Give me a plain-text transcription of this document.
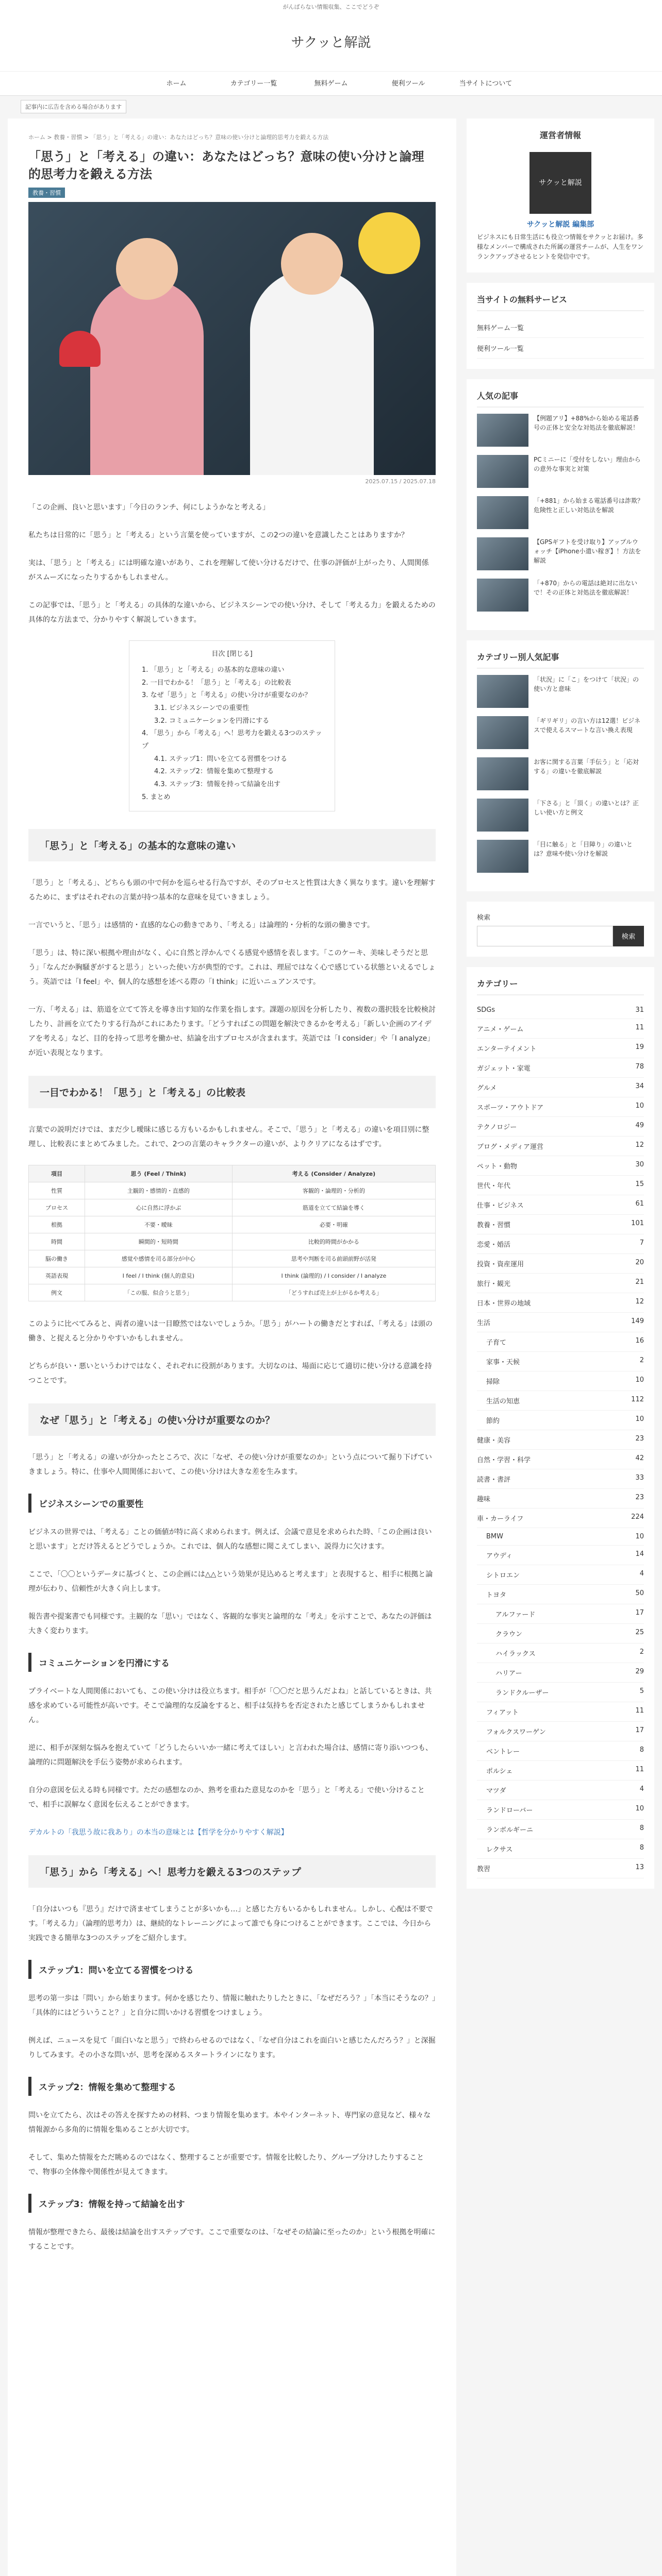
がんばらない情報収集、ここでどうぞ
サクッと解説
ホーム	カテゴリー一覧	無料ゲーム	便利ツール	当サイトについて
記事内に広告を含める場合があります
ホーム > 教養・習慣 > 「思う」と「考える」の違い：あなたはどっち？意味の使い分けと論理的思考力を鍛える方法
「思う」と「考える」の違い：あなたはどっち？意味の使い分けと論理的思考力を鍛える方法
教養・習慣
2025.07.15 / 2025.07.18

「この企画、良いと思います」「今日のランチ、何にしようかなと考える」

私たちは日常的に「思う」と「考える」という言葉を使っていますが、この2つの違いを意識したことはありますか？

実は、「思う」と「考える」には明確な違いがあり、これを理解して使い分けるだけで、仕事の評価が上がったり、人間関係がスムーズになったりするかもしれません。

この記事では、「思う」と「考える」の具体的な違いから、ビジネスシーンでの使い分け、そして「考える力」を鍛えるための具体的な方法まで、分かりやすく解説していきます。

目次 [閉じる]
1. 「思う」と「考える」の基本的な意味の違い
2. 一目でわかる！「思う」と「考える」の比較表
3. なぜ「思う」と「考える」の使い分けが重要なのか？
3.1. ビジネスシーンでの重要性
3.2. コミュニケーションを円滑にする
4. 「思う」から「考える」へ！思考力を鍛える3つのステップ
4.1. ステップ1：問いを立てる習慣をつける
4.2. ステップ2：情報を集めて整理する
4.3. ステップ3：情報を持って結論を出す
5. まとめ
「思う」と「考える」の基本的な意味の違い

「思う」と「考える」、どちらも頭の中で何かを巡らせる行為ですが、そのプロセスと性質は大きく異なります。違いを理解するために、まずはそれぞれの言葉が持つ基本的な意味を見ていきましょう。

一言でいうと、「思う」は感情的・直感的な心の動きであり、「考える」は論理的・分析的な頭の働きです。

「思う」は、特に深い根拠や理由がなく、心に自然と浮かんでくる感覚や感情を表します。「このケーキ、美味しそうだと思う」「なんだか胸騒ぎがすると思う」といった使い方が典型的です。これは、理屈ではなく心で感じている状態といえるでしょう。英語では「I feel」や、個人的な感想を述べる際の「I think」に近いニュアンスです。

一方、「考える」は、筋道を立てて答えを導き出す知的な作業を指します。課題の原因を分析したり、複数の選択肢を比較検討したり、計画を立てたりする行為がこれにあたります。「どうすればこの問題を解決できるかを考える」「新しい企画のアイデアを考える」など、目的を持って思考を働かせ、結論を出すプロセスが含まれます。英語では「I consider」や「I analyze」が近い表現となります。

一目でわかる！「思う」と「考える」の比較表

言葉での説明だけでは、まだ少し曖昧に感じる方もいるかもしれません。そこで、「思う」と「考える」の違いを項目別に整理し、比較表にまとめてみました。これで、2つの言葉のキャラクターの違いが、よりクリアになるはずです。

項目	思う (Feel / Think)	考える (Consider / Analyze)
性質	主観的・感情的・直感的	客観的・論理的・分析的
プロセス	心に自然に浮かぶ	筋道を立てて結論を導く
根拠	不要・曖昧	必要・明確
時間	瞬間的・短時間	比較的時間がかかる
脳の働き	感覚や感情を司る部分が中心	思考や判断を司る前頭前野が活発
英語表現	I feel / I think (個人的意見)	I think (論理的) / I consider / I analyze
例文	「この服、似合うと思う」	「どうすれば売上が上がるか考える」

このように比べてみると、両者の違いは一目瞭然ではないでしょうか。「思う」がハートの働きだとすれば、「考える」は頭の働き、と捉えると分かりやすいかもしれません。

どちらが良い・悪いというわけではなく、それぞれに役割があります。大切なのは、場面に応じて適切に使い分ける意識を持つことです。

なぜ「思う」と「考える」の使い分けが重要なのか？

「思う」と「考える」の違いが分かったところで、次に「なぜ、その使い分けが重要なのか」という点について掘り下げていきましょう。特に、仕事や人間関係において、この使い分けは大きな差を生みます。

ビジネスシーンでの重要性

ビジネスの世界では、「考える」ことの価値が特に高く求められます。例えば、会議で意見を求められた時、「この企画は良いと思います」とだけ答えるとどうでしょうか。これでは、個人的な感想に聞こえてしまい、説得力に欠けます。

ここで、「〇〇というデータに基づくと、この企画には△△という効果が見込めると考えます」と表現すると、相手に根拠と論理が伝わり、信頼性が大きく向上します。

報告書や提案書でも同様です。主観的な「思い」ではなく、客観的な事実と論理的な「考え」を示すことで、あなたの評価は大きく変わります。

コミュニケーションを円滑にする

プライベートな人間関係においても、この使い分けは役立ちます。相手が「〇〇だと思うんだよね」と話しているときは、共感を求めている可能性が高いです。そこで論理的な反論をすると、相手は気持ちを否定されたと感じてしまうかもしれません。

逆に、相手が深刻な悩みを抱えていて「どうしたらいいか一緒に考えてほしい」と言われた場合は、感情に寄り添いつつも、論理的に問題解決を手伝う姿勢が求められます。

自分の意図を伝える時も同様です。ただの感想なのか、熟考を重ねた意見なのかを「思う」と「考える」で使い分けることで、相手に誤解なく意図を伝えることができます。

デカルトの「我思う故に我あり」の本当の意味とは【哲学を分かりやすく解説】

「思う」から「考える」へ！思考力を鍛える3つのステップ

「自分はいつも『思う』だけで済ませてしまうことが多いかも…」と感じた方もいるかもしれません。しかし、心配は不要です。「考える力」（論理的思考力）は、継続的なトレーニングによって誰でも身につけることができます。ここでは、今日から実践できる簡単な3つのステップをご紹介します。

ステップ1：問いを立てる習慣をつける

思考の第一歩は「問い」から始まります。何かを感じたり、情報に触れたりしたときに、「なぜだろう？」「本当にそうなの？」「具体的にはどういうこと？」と自分に問いかける習慣をつけましょう。

例えば、ニュースを見て「面白いなと思う」で終わらせるのではなく、「なぜ自分はこれを面白いと感じたんだろう？」と深掘りしてみます。その小さな問いが、思考を深めるスタートラインになります。

ステップ2：情報を集めて整理する

問いを立てたら、次はその答えを探すための材料、つまり情報を集めます。本やインターネット、専門家の意見など、様々な情報源から多角的に情報を集めることが大切です。

そして、集めた情報をただ眺めるのではなく、整理することが重要です。情報を比較したり、グループ分けしたりすることで、物事の全体像や関係性が見えてきます。

ステップ3：情報を持って結論を出す

情報が整理できたら、最後は結論を出すステップです。ここで重要なのは、「なぜその結論に至ったのか」という根拠を明確にすることです。

運営者情報
サクッと解説
サクッと解説 編集部
ビジネスにも日常生活にも役立つ情報をサクッとお届け。多様なメンバーで構成された所属の運営チームが、人生をワンランクアップさせるヒントを発信中です。
当サイトの無料サービス
無料ゲーム一覧
便利ツール一覧
人気の記事
【例題アリ】+88%から始める電話番号の正体と安全な対処法を徹底解説！
PCミニーに「受付をしない」理由からの意外な事実と対策
「+881」から始まる電話番号は詐欺？危険性と正しい対処法を解説
【GPSギフトを受け取り】アップルウォッチ【iPhone小遣い稼ぎ】！方法を解説
「+870」からの電話は絶対に出ないで！その正体と対処法を徹底解説！
カテゴリー別人気記事
「状況」に「こ」をつけて「状況」の使い方と意味
「ギリギリ」の言い方は12選！ビジネスで使えるスマートな言い換え表現
お客に関する言葉「手伝う」と「応対する」の違いを徹底解説
「下さる」と「頂く」の違いとは？正しい使い方と例文
「目に触る」と「目障り」の違いとは？意味や使い分けを解説
検索
検索
カテゴリー
SDGs	31
アニメ・ゲーム	11
エンターテイメント	19
ガジェット・家電	78
グルメ	34
スポーツ・アウトドア	10
テクノロジー	49
ブログ・メディア運営	12
ペット・動物	30
世代・年代	15
仕事・ビジネス	61
教養・習慣	101
恋愛・婚活	7
投資・資産運用	20
旅行・観光	21
日本・世界の地域	12
生活	149
子育て	16
家事・天候	2
掃除	10
生活の知恵	112
節約	10
健康・美容	23
自然・学習・科学	42
読書・書評	33
趣味	23
車・カーライフ	224
BMW	10
アウディ	14
シトロエン	4
トヨタ	50
アルファード	17
クラウン	25
ハイラックス	2
ハリアー	29
ランドクルーザー	5
フィアット	11
フォルクスワーゲン	17
ベントレー	8
ポルシェ	11
マツダ	4
ランドローバー	10
ランボルギーニ	8
レクサス	8
教習	13
